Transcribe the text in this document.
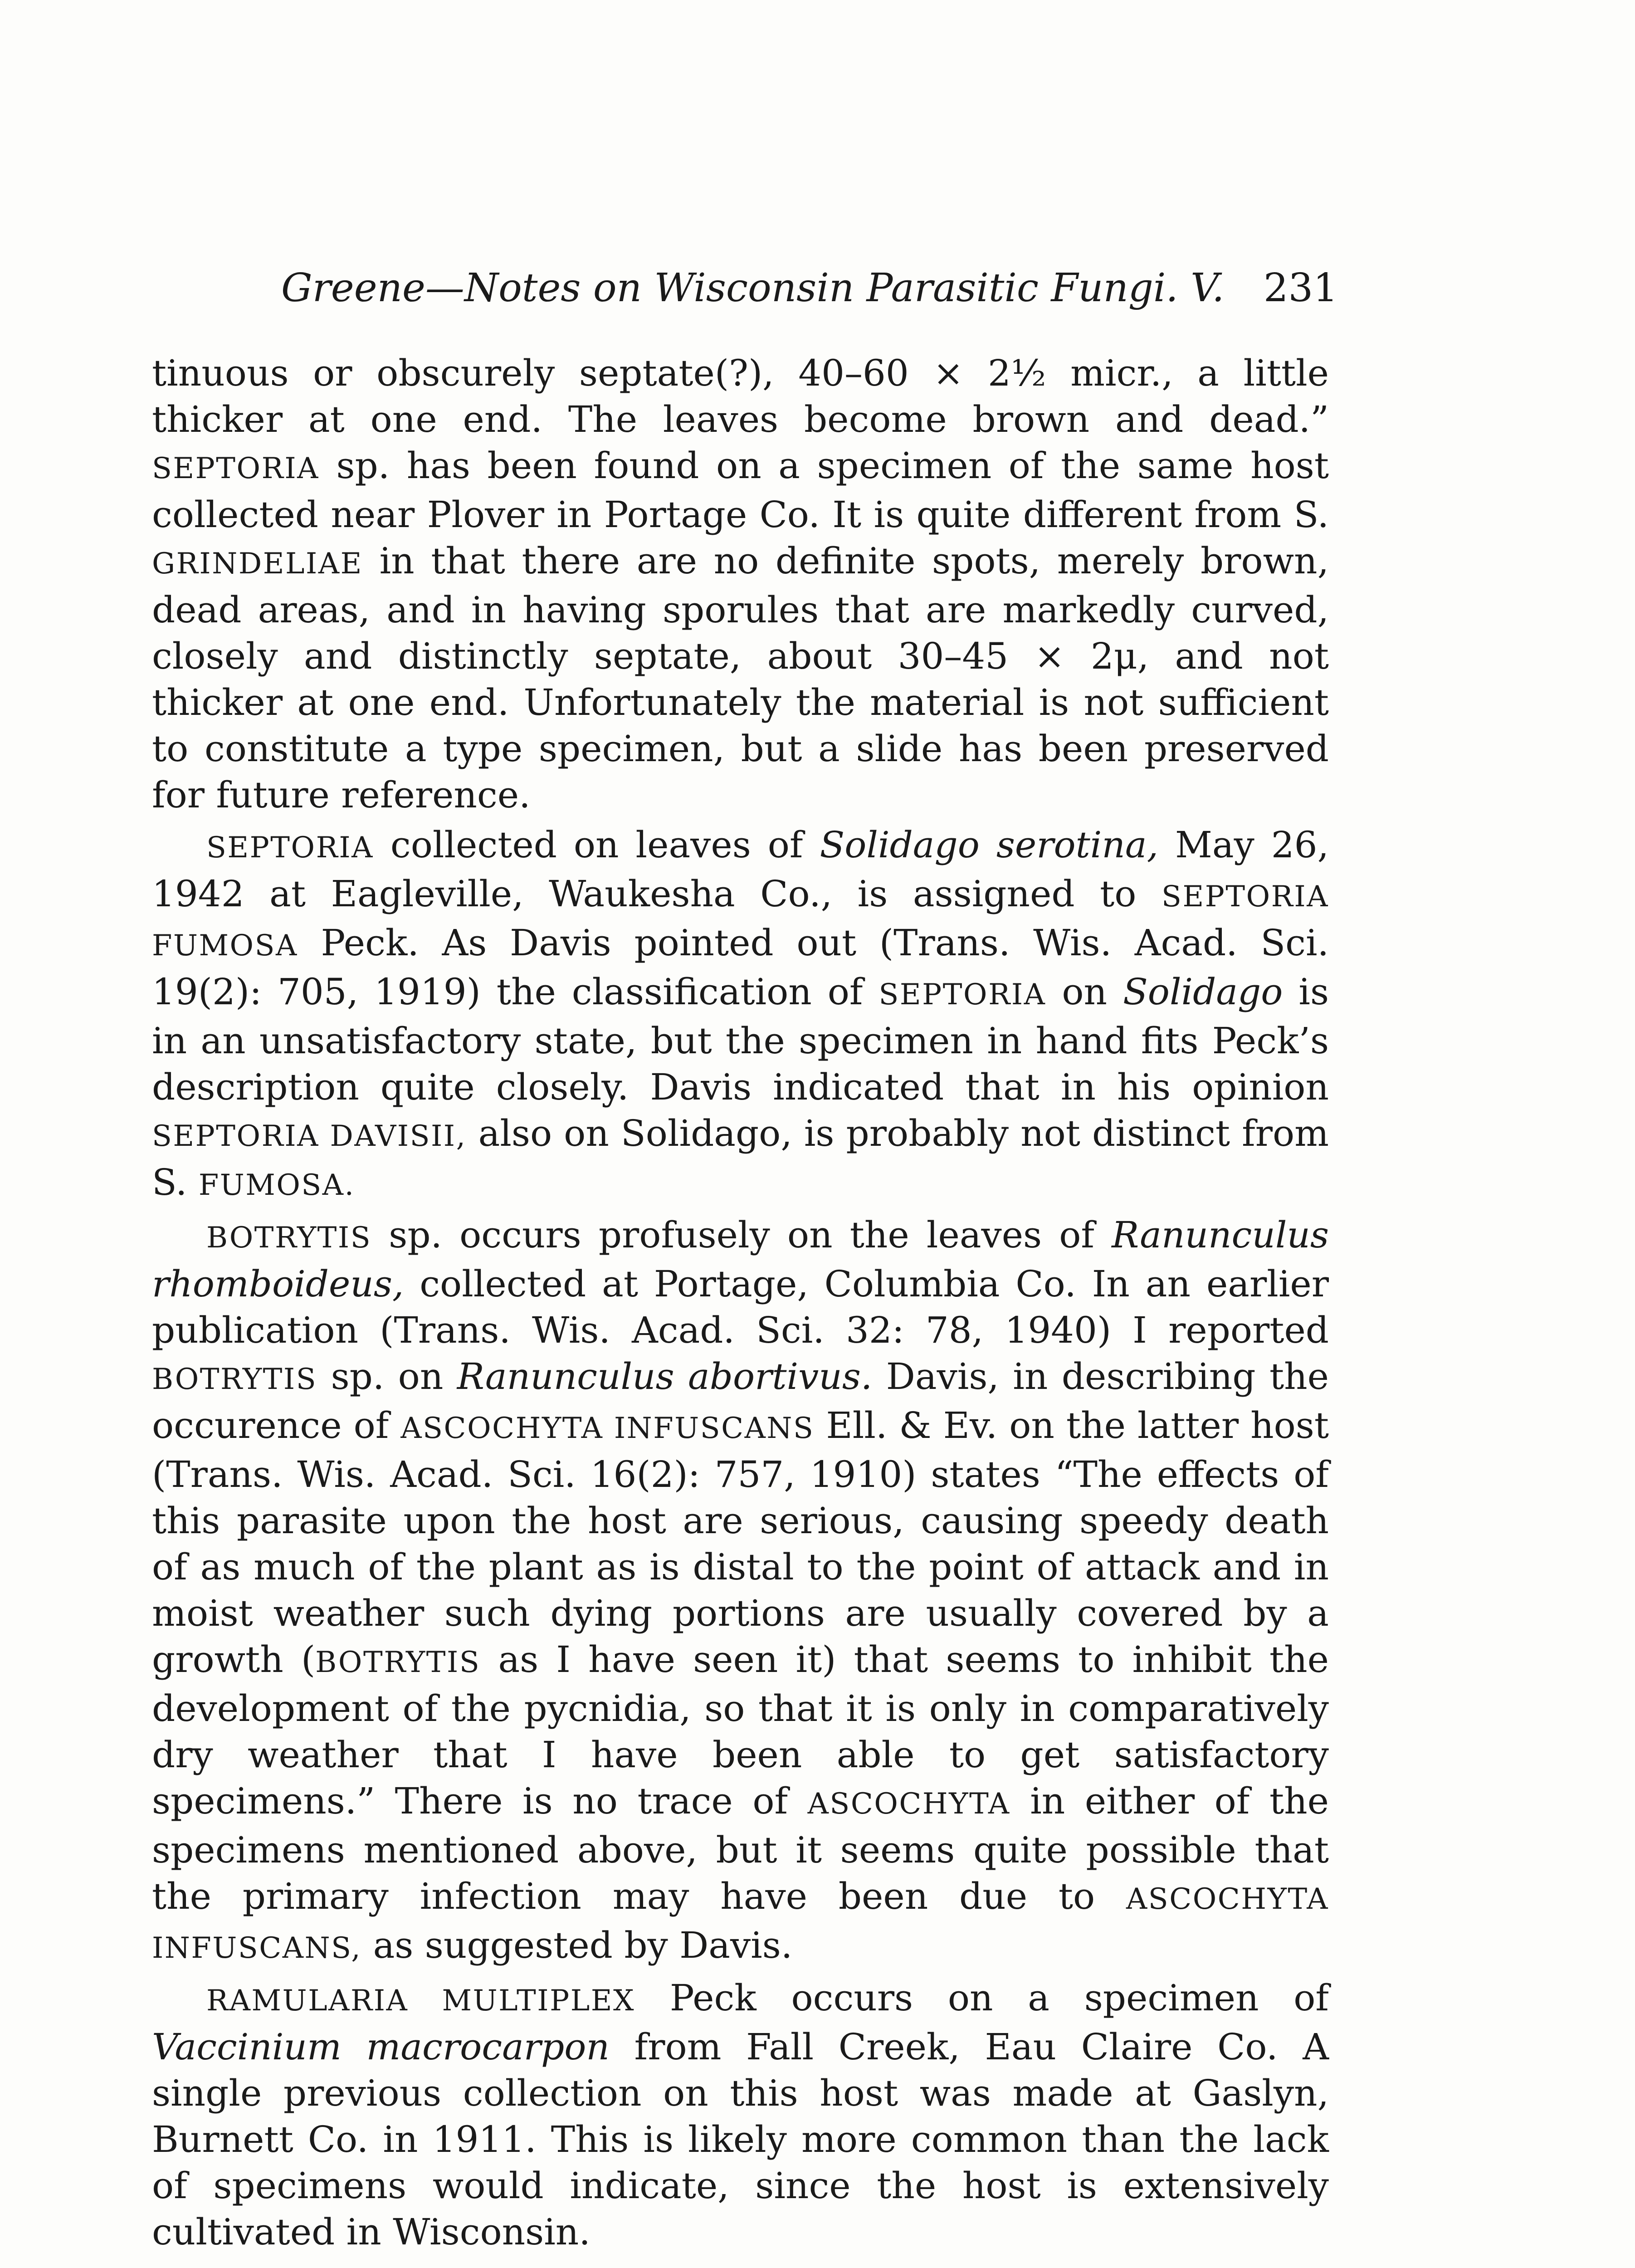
Greene—Notes on Wisconsin Parasitic Fungi. V. 231

tinuous or obscurely septate(?), 40–60 × 2½ micr., a little thicker at one end. The leaves become brown and dead.” SEPTORIA sp. has been found on a specimen of the same host collected near Plover in Portage Co. It is quite different from S. GRINDELIAE in that there are no definite spots, merely brown, dead areas, and in having sporules that are markedly curved, closely and distinctly septate, about 30–45 × 2μ, and not thicker at one end. Unfortunately the material is not sufficient to constitute a type specimen, but a slide has been preserved for future reference.

SEPTORIA collected on leaves of Solidago serotina, May 26, 1942 at Eagleville, Waukesha Co., is assigned to SEPTORIA FUMOSA Peck. As Davis pointed out (Trans. Wis. Acad. Sci. 19(2): 705, 1919) the classification of SEPTORIA on Solidago is in an unsatisfactory state, but the specimen in hand fits Peck’s description quite closely. Davis indicated that in his opinion SEPTORIA DAVISII, also on Solidago, is probably not distinct from S. FUMOSA.

BOTRYTIS sp. occurs profusely on the leaves of Ranunculus rhomboideus, collected at Portage, Columbia Co. In an earlier publication (Trans. Wis. Acad. Sci. 32: 78, 1940) I reported BOTRYTIS sp. on Ranunculus abortivus. Davis, in describing the occurence of ASCOCHYTA INFUSCANS Ell. & Ev. on the latter host (Trans. Wis. Acad. Sci. 16(2): 757, 1910) states “The effects of this parasite upon the host are serious, causing speedy death of as much of the plant as is distal to the point of attack and in moist weather such dying portions are usually covered by a growth (BOTRYTIS as I have seen it) that seems to inhibit the development of the pycnidia, so that it is only in comparatively dry weather that I have been able to get satisfactory specimens.” There is no trace of ASCOCHYTA in either of the specimens mentioned above, but it seems quite possible that the primary infection may have been due to ASCOCHYTA INFUSCANS, as suggested by Davis.

RAMULARIA MULTIPLEX Peck occurs on a specimen of Vaccinium macrocarpon from Fall Creek, Eau Claire Co. A single previous collection on this host was made at Gaslyn, Burnett Co. in 1911. This is likely more common than the lack of specimens would indicate, since the host is extensively cultivated in Wisconsin.
